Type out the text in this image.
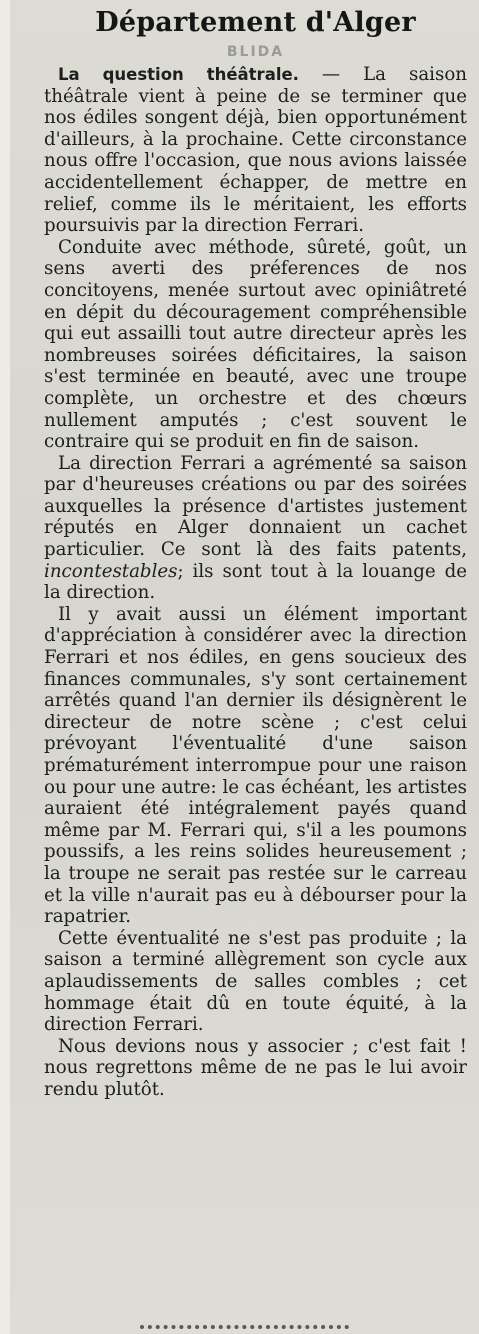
Département d'Alger
BLIDA

La question théâtrale. — La saison théâtrale vient à peine de se terminer que nos édiles songent déjà, bien opportunément d'ailleurs, à la prochaine. Cette circonstance nous offre l'occasion, que nous avions laissée accidentellement échapper, de mettre en relief, comme ils le méritaient, les efforts poursuivis par la direction Ferrari.

Conduite avec méthode, sûreté, goût, un sens averti des préferences de nos concitoyens, menée surtout avec opiniâtreté en dépit du découragement compréhensible qui eut assailli tout autre directeur après les nombreuses soirées déficitaires, la saison s'est terminée en beauté, avec une troupe complète, un orchestre et des chœurs nullement amputés ; c'est souvent le contraire qui se produit en fin de saison.

La direction Ferrari a agrémenté sa saison par d'heureuses créations ou par des soirées auxquelles la présence d'artistes justement réputés en Alger donnaient un cachet particulier. Ce sont là des faits patents, incontestables; ils sont tout à la louange de la direction.

Il y avait aussi un élément important d'appréciation à considérer avec la direction Ferrari et nos édiles, en gens soucieux des finances communales, s'y sont certainement arrêtés quand l'an dernier ils désignèrent le directeur de notre scène ; c'est celui prévoyant l'éventualité d'une saison prématurément interrompue pour une raison ou pour une autre: le cas échéant, les artistes auraient été intégralement payés quand même par M. Ferrari qui, s'il a les poumons poussifs, a les reins solides heureusement ; la troupe ne serait pas restée sur le carreau et la ville n'aurait pas eu à débourser pour la rapatrier.

Cette éventualité ne s'est pas produite ; la saison a terminé allègrement son cycle aux aplaudissements de salles combles ; cet hommage était dû en toute équité, à la direction Ferrari.

Nous devions nous y associer ; c'est fait ! nous regrettons même de ne pas le lui avoir rendu plutôt.
